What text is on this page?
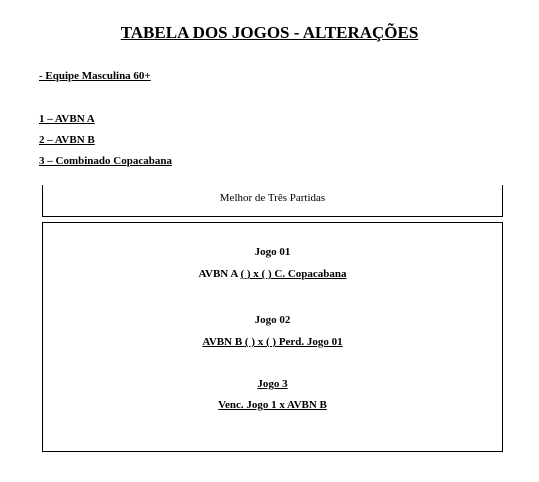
TABELA DOS JOGOS - ALTERAÇÕES
- Equipe Masculina 60+
1 – AVBN A
2 – AVBN B
3 – Combinado Copacabana
Melhor de Três Partidas
Jogo 01
AVBN A ( ) x ( ) C. Copacabana
Jogo 02
AVBN B ( ) x ( ) Perd. Jogo 01
Jogo 3
Venc. Jogo 1 x AVBN B
